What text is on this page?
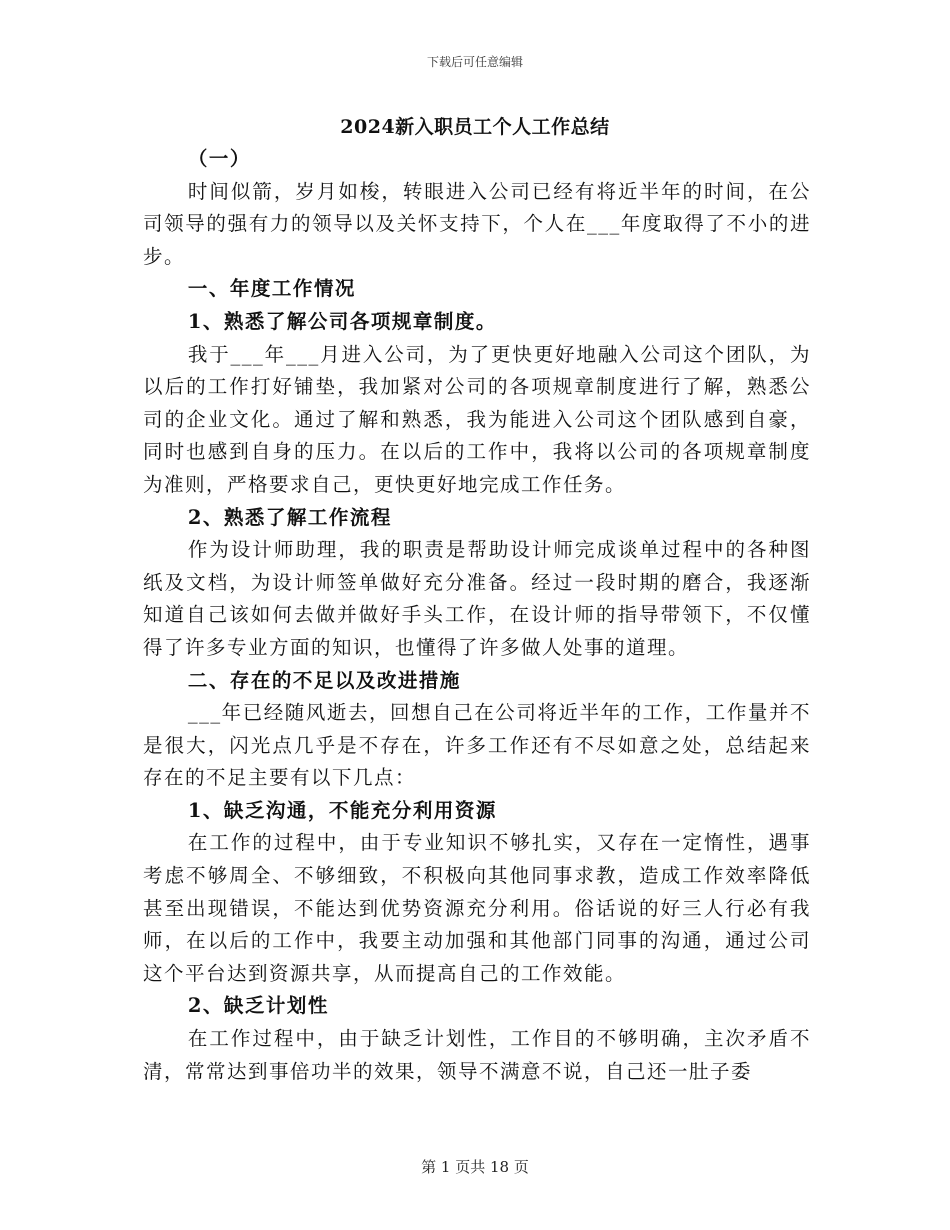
下载后可任意编辑
2024新入职员工个人工作总结

（一）

时间似箭，岁月如梭，转眼进入公司已经有将近半年的时间，在公司领导的强有力的领导以及关怀支持下，个人在___年度取得了不小的进步。

一、年度工作情况

1、熟悉了解公司各项规章制度。

我于___年___月进入公司，为了更快更好地融入公司这个团队，为以后的工作打好铺垫，我加紧对公司的各项规章制度进行了解，熟悉公司的企业文化。通过了解和熟悉，我为能进入公司这个团队感到自豪，同时也感到自身的压力。在以后的工作中，我将以公司的各项规章制度为准则，严格要求自己，更快更好地完成工作任务。

2、熟悉了解工作流程

作为设计师助理，我的职责是帮助设计师完成谈单过程中的各种图纸及文档，为设计师签单做好充分准备。经过一段时期的磨合，我逐渐知道自己该如何去做并做好手头工作，在设计师的指导带领下，不仅懂得了许多专业方面的知识，也懂得了许多做人处事的道理。

二、存在的不足以及改进措施

___年已经随风逝去，回想自己在公司将近半年的工作，工作量并不是很大，闪光点几乎是不存在，许多工作还有不尽如意之处，总结起来存在的不足主要有以下几点：

1、缺乏沟通，不能充分利用资源

在工作的过程中，由于专业知识不够扎实，又存在一定惰性，遇事考虑不够周全、不够细致，不积极向其他同事求教，造成工作效率降低甚至出现错误，不能达到优势资源充分利用。俗话说的好三人行必有我师，在以后的工作中，我要主动加强和其他部门同事的沟通，通过公司这个平台达到资源共享，从而提高自己的工作效能。

2、缺乏计划性

在工作过程中，由于缺乏计划性，工作目的不够明确，主次矛盾不清，常常达到事倍功半的效果，领导不满意不说，自己还一肚子委

第 1 页共 18 页
